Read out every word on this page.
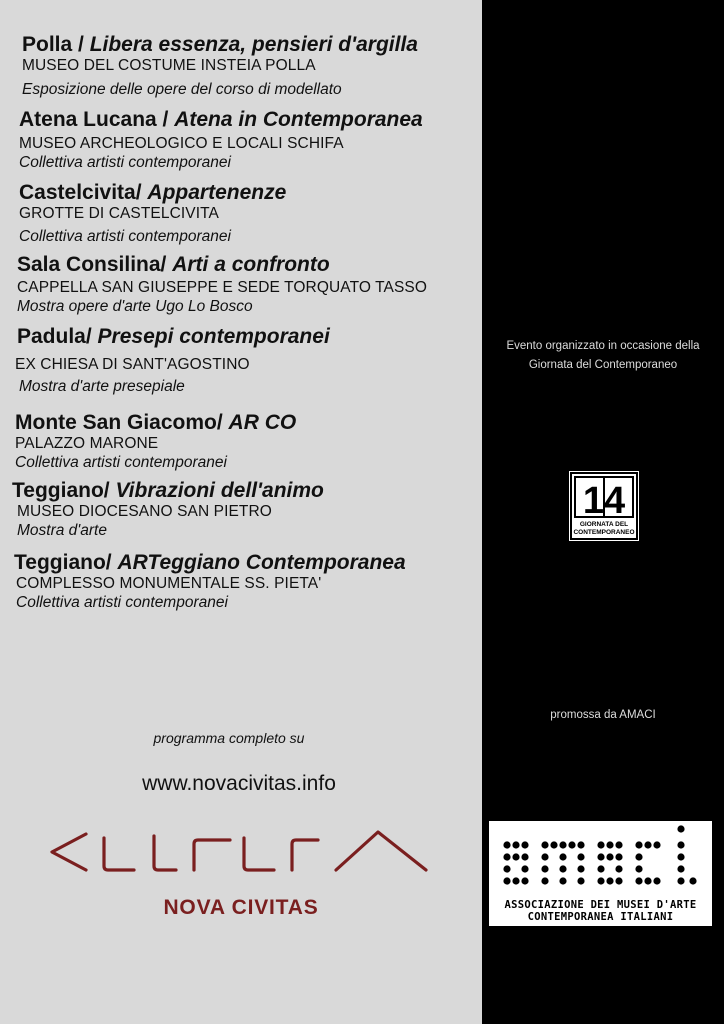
Polla / Libera essenza, pensieri d'argilla
MUSEO DEL COSTUME INSTEIA POLLA
Esposizione delle opere del corso di modellato
Atena Lucana / Atena in Contemporanea
MUSEO ARCHEOLOGICO E LOCALI SCHIFA
Collettiva artisti contemporanei
Castelcivita/ Appartenenze
GROTTE DI CASTELCIVITA
Collettiva artisti contemporanei
Sala Consilina/ Arti a confronto
CAPPELLA SAN GIUSEPPE E SEDE TORQUATO TASSO
Mostra opere d'arte Ugo Lo Bosco
Padula/ Presepi contemporanei
EX CHIESA DI SANT'AGOSTINO
Mostra d'arte presepiale
Monte San Giacomo/ AR CO
PALAZZO MARONE
Collettiva artisti contemporanei
Teggiano/ Vibrazioni dell'animo
MUSEO DIOCESANO SAN PIETRO
Mostra d'arte
Teggiano/ ARTeggiano Contemporanea
COMPLESSO MONUMENTALE SS. PIETA'
Collettiva artisti contemporanei
programma completo su
www.novacivitas.info
NOVA CIVITAS
13
OTTOBRE
duemiladiciotto
XIV° GIORNATA
DEL
CONTEMPORANEO
Evento organizzato in occasione della
Giornata del Contemporaneo
14
GIORNATA DEL
CONTEMPORANEO
promossa da AMACI
ASSOCIAZIONE DEI MUSEI D'ARTE
CONTEMPORANEA ITALIANI
